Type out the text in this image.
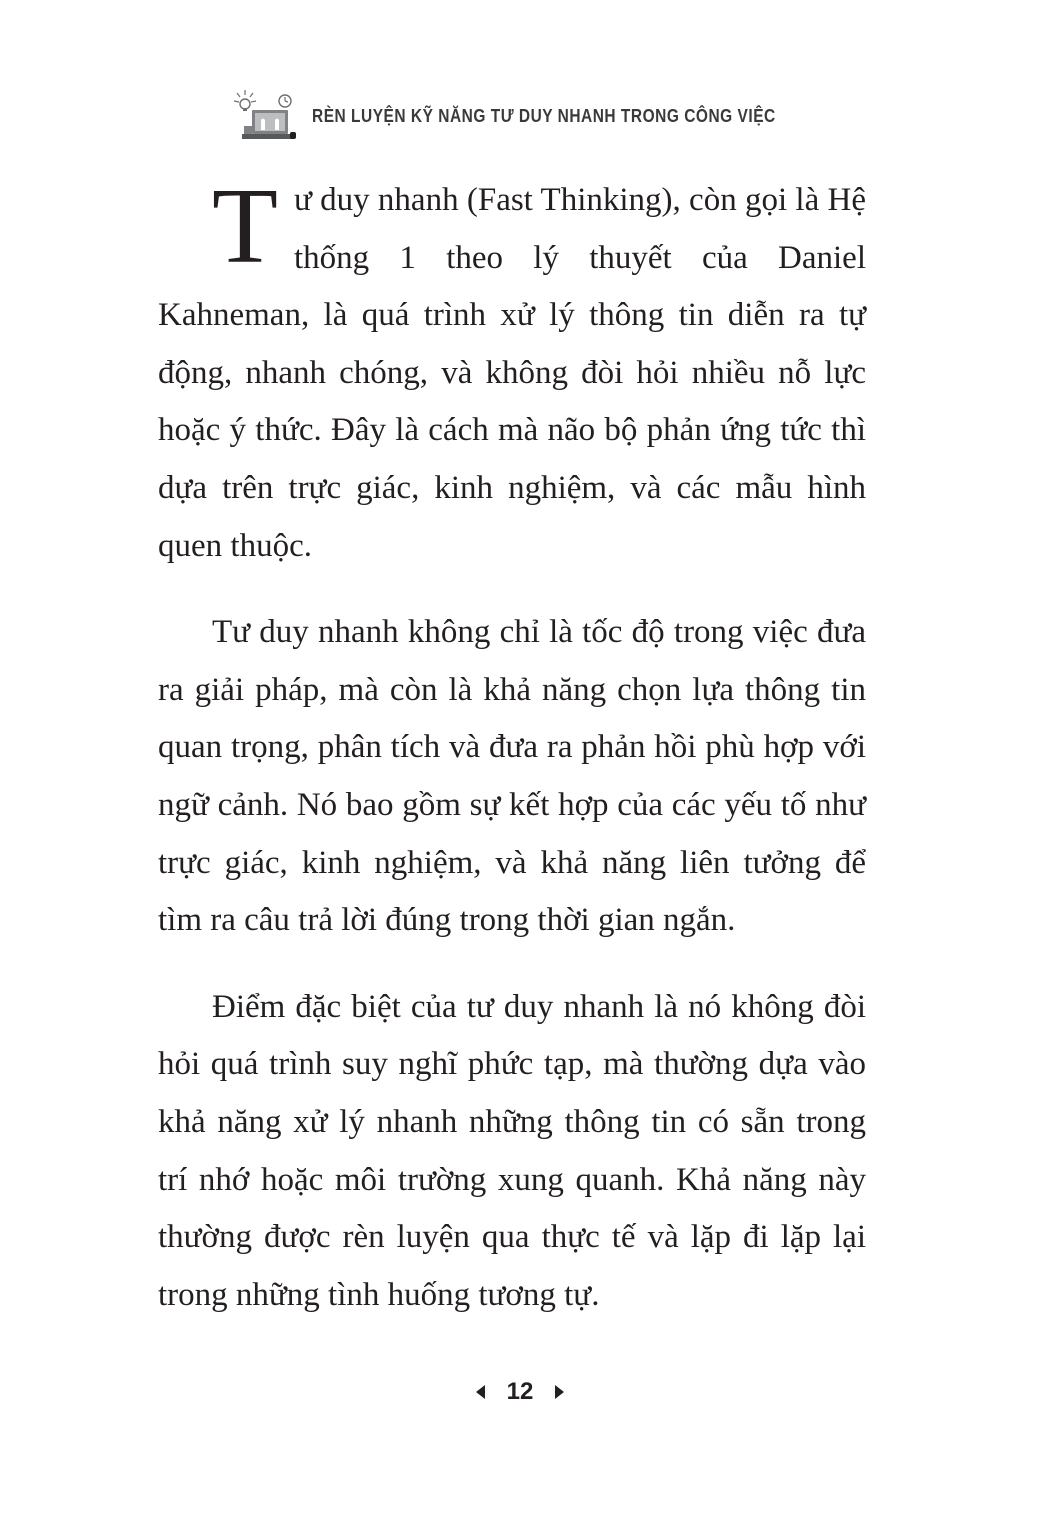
RÈN LUYỆN KỸ NĂNG TƯ DUY NHANH TRONG CÔNG VIỆC

Tư duy nhanh (Fast Thinking), còn gọi là Hệ thống 1 theo lý thuyết của Daniel Kahneman, là quá trình xử lý thông tin diễn ra tự động, nhanh chóng, và không đòi hỏi nhiều nỗ lực hoặc ý thức. Đây là cách mà não bộ phản ứng tức thì dựa trên trực giác, kinh nghiệm, và các mẫu hình quen thuộc.

Tư duy nhanh không chỉ là tốc độ trong việc đưa ra giải pháp, mà còn là khả năng chọn lựa thông tin quan trọng, phân tích và đưa ra phản hồi phù hợp với ngữ cảnh. Nó bao gồm sự kết hợp của các yếu tố như trực giác, kinh nghiệm, và khả năng liên tưởng để tìm ra câu trả lời đúng trong thời gian ngắn.

Điểm đặc biệt của tư duy nhanh là nó không đòi hỏi quá trình suy nghĩ phức tạp, mà thường dựa vào khả năng xử lý nhanh những thông tin có sẵn trong trí nhớ hoặc môi trường xung quanh. Khả năng này thường được rèn luyện qua thực tế và lặp đi lặp lại trong những tình huống tương tự.

12
